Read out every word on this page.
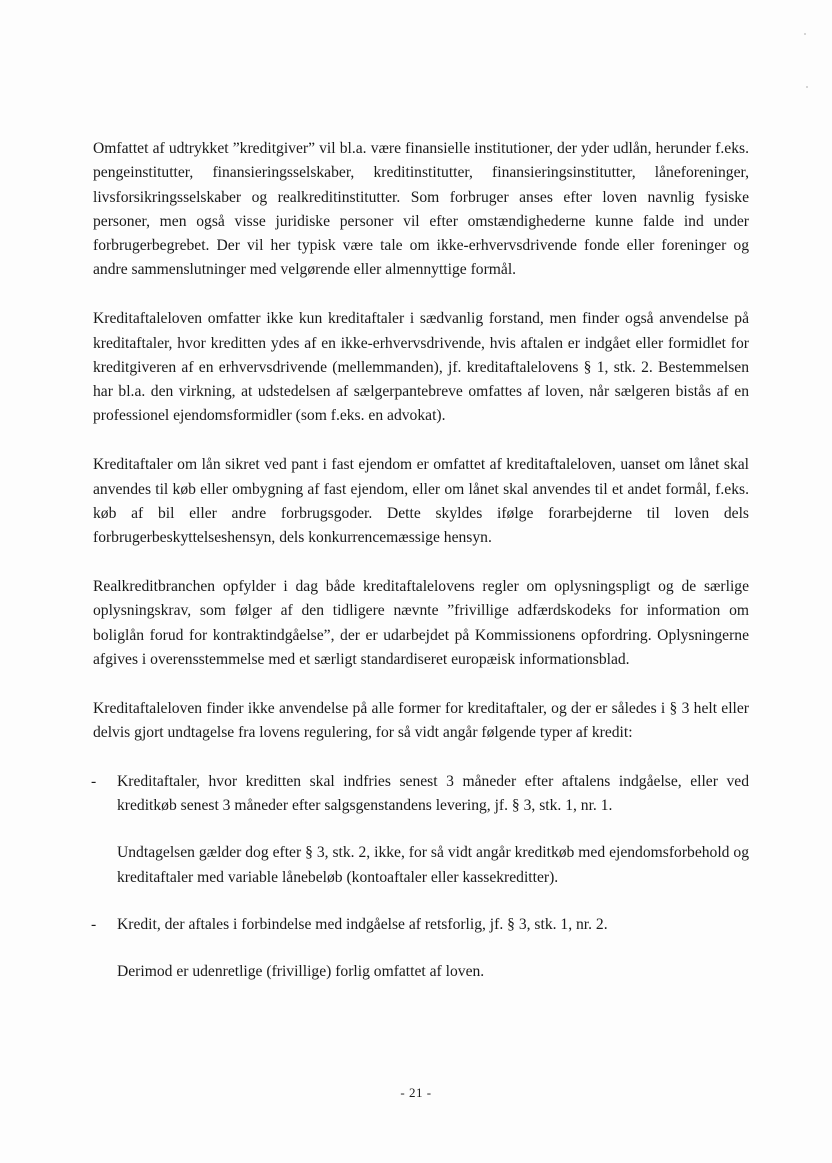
Omfattet af udtrykket ”kreditgiver” vil bl.a. være finansielle institutioner, der yder udlån, herunder f.eks. pengeinstitutter, finansieringsselskaber, kreditinstitutter, finansieringsinstitutter, låneforeninger, livsforsikringsselskaber og realkreditinstitutter. Som forbruger anses efter loven navnlig fysiske personer, men også visse juridiske personer vil efter omstændighederne kunne falde ind under forbrugerbegrebet. Der vil her typisk være tale om ikke-erhvervsdrivende fonde eller foreninger og andre sammenslutninger med velgørende eller almennyttige formål.

Kreditaftaleloven omfatter ikke kun kreditaftaler i sædvanlig forstand, men finder også anvendelse på kreditaftaler, hvor kreditten ydes af en ikke-erhvervsdrivende, hvis aftalen er indgået eller formidlet for kreditgiveren af en erhvervsdrivende (mellemmanden), jf. kreditaftalelovens § 1, stk. 2. Bestemmelsen har bl.a. den virkning, at udstedelsen af sælgerpantebreve omfattes af loven, når sælgeren bistås af en professionel ejendomsformidler (som f.eks. en advokat).

Kreditaftaler om lån sikret ved pant i fast ejendom er omfattet af kreditaftaleloven, uanset om lånet skal anvendes til køb eller ombygning af fast ejendom, eller om lånet skal anvendes til et andet formål, f.eks. køb af bil eller andre forbrugsgoder. Dette skyldes ifølge forarbejderne til loven dels forbrugerbeskyttelseshensyn, dels konkurrencemæssige hensyn.

Realkreditbranchen opfylder i dag både kreditaftalelovens regler om oplysningspligt og de særlige oplysningskrav, som følger af den tidligere nævnte ”frivillige adfærdskodeks for information om boliglån forud for kontraktindgåelse”, der er udarbejdet på Kommissionens opfordring. Oplysningerne afgives i overensstemmelse med et særligt standardiseret europæisk informationsblad.

Kreditaftaleloven finder ikke anvendelse på alle former for kreditaftaler, og der er således i § 3 helt eller delvis gjort undtagelse fra lovens regulering, for så vidt angår følgende typer af kredit:

- Kreditaftaler, hvor kreditten skal indfries senest 3 måneder efter aftalens indgåelse, eller ved kreditkøb senest 3 måneder efter salgsgenstandens levering, jf. § 3, stk. 1, nr. 1.

Undtagelsen gælder dog efter § 3, stk. 2, ikke, for så vidt angår kreditkøb med ejendomsforbehold og kreditaftaler med variable lånebeløb (kontoaftaler eller kassekreditter).

- Kredit, der aftales i forbindelse med indgåelse af retsforlig, jf. § 3, stk. 1, nr. 2.

Derimod er udenretlige (frivillige) forlig omfattet af loven.

- 21 -
